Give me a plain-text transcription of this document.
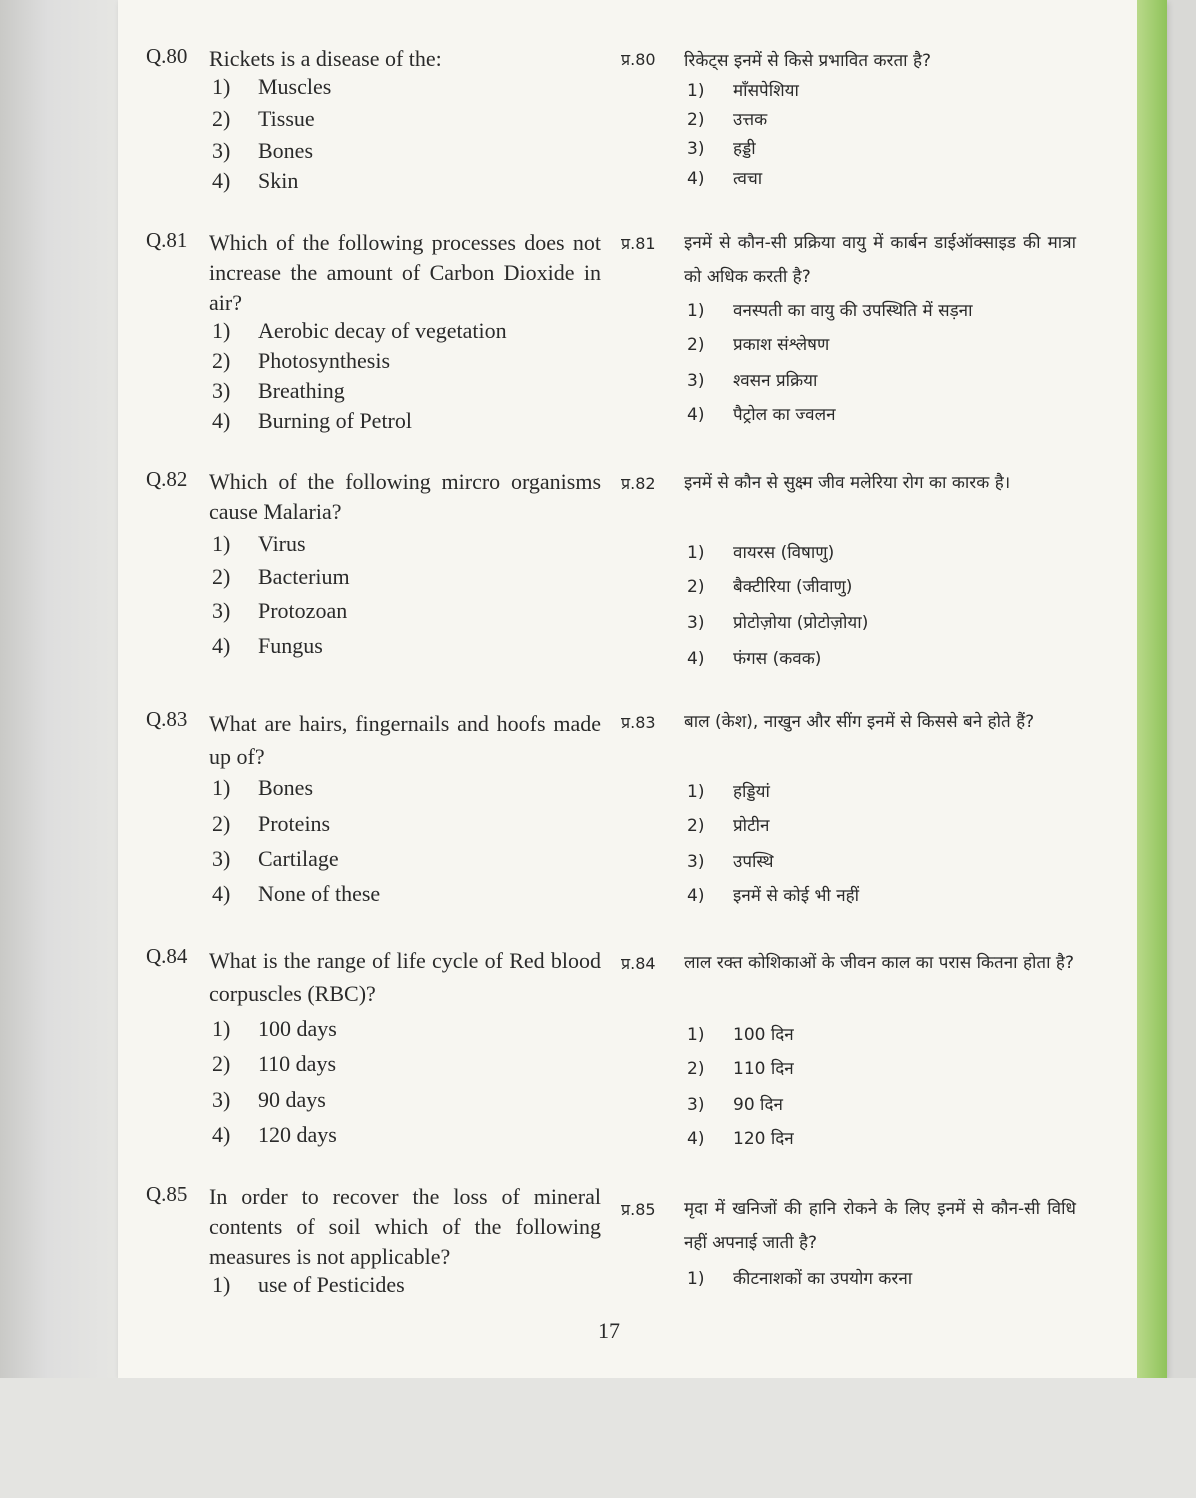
Q.80 Rickets is a disease of the:
1) Muscles
2) Tissue
3) Bones
4) Skin
प्र.80 रिकेट्स इनमें से किसे प्रभावित करता है?
1) माँसपेशिया
2) उत्तक
3) हड्डी
4) त्वचा
Q.81 Which of the following processes does not increase the amount of Carbon Dioxide in air?
1) Aerobic decay of vegetation
2) Photosynthesis
3) Breathing
4) Burning of Petrol
प्र.81 इनमें से कौन-सी प्रक्रिया वायु में कार्बन डाईऑक्साइड की मात्रा को अधिक करती है?
1) वनस्पती का वायु की उपस्थिति में सड़ना
2) प्रकाश संश्लेषण
3) श्वसन प्रक्रिया
4) पैट्रोल का ज्वलन
Q.82 Which of the following mircro organisms cause Malaria?
1) Virus
2) Bacterium
3) Protozoan
4) Fungus
प्र.82 इनमें से कौन से सुक्ष्म जीव मलेरिया रोग का कारक है।
1) वायरस (विषाणु)
2) बैक्टीरिया (जीवाणु)
3) प्रोटोज़ोया (प्रोटोज़ोया)
4) फंगस (कवक)
Q.83 What are hairs, fingernails and hoofs made up of?
1) Bones
2) Proteins
3) Cartilage
4) None of these
प्र.83 बाल (केश), नाखुन और सींग इनमें से किससे बने होते हैं?
1) हड्डियां
2) प्रोटीन
3) उपस्थि
4) इनमें से कोई भी नहीं
Q.84 What is the range of life cycle of Red blood corpuscles (RBC)?
1) 100 days
2) 110 days
3) 90 days
4) 120 days
प्र.84 लाल रक्त कोशिकाओं के जीवन काल का परास कितना होता है?
1) 100 दिन
2) 110 दिन
3) 90 दिन
4) 120 दिन
Q.85 In order to recover the loss of mineral contents of soil which of the following measures is not applicable?
1) use of Pesticides
प्र.85 मृदा में खनिजों की हानि रोकने के लिए इनमें से कौन-सी विधि नहीं अपनाई जाती है?
1) कीटनाशकों का उपयोग करना
17
